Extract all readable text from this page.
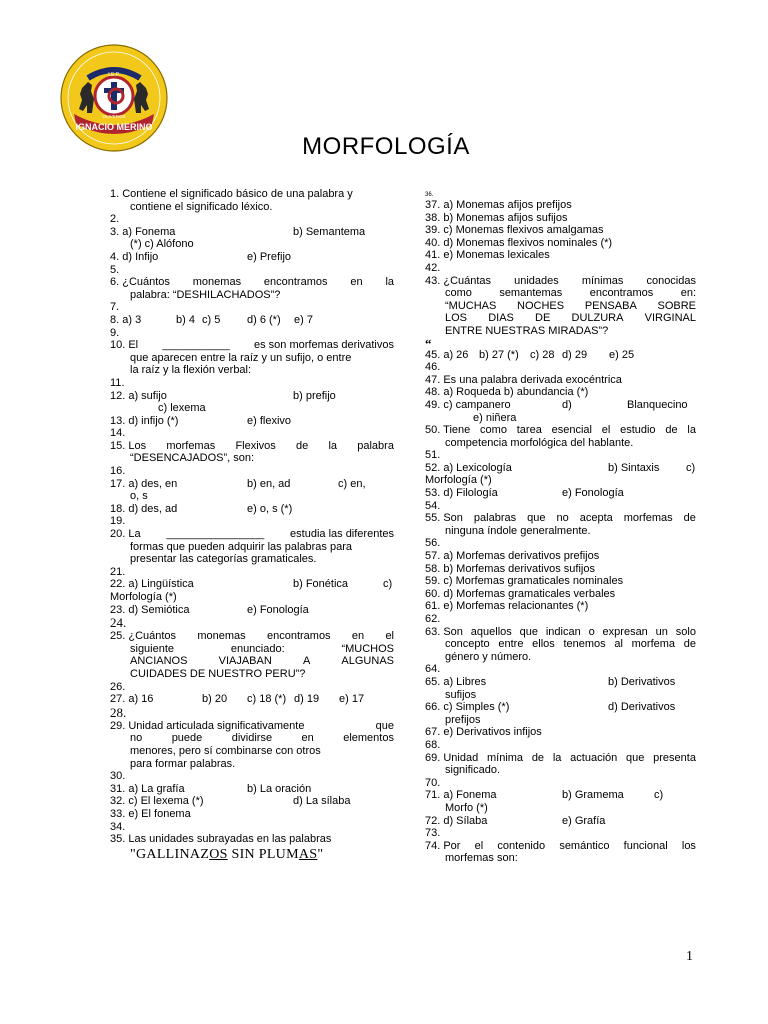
IGNACIO MERINO
I.E.P.
OLIVEROS
MORFOLOGÍA
1. Contiene el significado básico de una palabra y
contiene el significado léxico.
2.
3. a) Fonema	b) Semantema
(*) c) Alófono
4. d) Infijo	e) Prefijo
5.
6. ¿Cuántos monemas encontramos en la
palabra: “DESHILACHADOS”?
7.
8. a) 3	b) 4 c) 5 d) 6 (*) e) 7
9.
10. El ___________ es son morfemas derivativos
que aparecen entre la raíz y un sufijo, o entre
la raíz y la flexión verbal:
11.
12. a) sufijo	b) prefijo
c) lexema
13. d) infijo (*)	e) flexivo
14.
15. Los morfemas Flexivos de la palabra
“DESENCAJADOS”, son:
16.
17. a) des, en	b) en, ad	c) en,
o, s
18. d) des, ad	e) o, s (*)
19.
20. La ________________ estudia las diferentes
formas que pueden adquirir las palabras para
presentar las categorías gramaticales.
21.
22. a) Lingüística	b) Fonética	c)
Morfología (*)
23. d) Semiótica	e) Fonología
24.
25. ¿Cuántos monemas encontramos en el
siguiente	enunciado:	“MUCHOS
ANCIANOS	VIAJABAN	A	ALGUNAS
CUIDADES DE NUESTRO PERU”?
26.
27. a) 16	b) 20 c) 18 (*) d) 19 e) 17
28.
29. Unidad articulada significativamente	que
no	puede	dividirse	en	elementos
menores, pero sí combinarse con otros
para formar palabras.
30.
31. a) La grafía	b) La oración
32. c) El lexema (*)	d) La sílaba
33. e) El fonema
34.
35. Las unidades subrayadas en las palabras
"GALLINAZOS SIN PLUMAS"
36.
37. a) Monemas afijos prefijos
38. b) Monemas afijos sufijos
39. c) Monemas flexivos amalgamas
40. d) Monemas flexivos nominales (*)
41. e) Monemas lexicales
42.
43. ¿Cuántas unidades mínimas conocidas
como semantemas encontramos en:
“MUCHAS NOCHES PENSABA SOBRE
LOS DIAS DE DULZURA VIRGINAL
ENTRE NUESTRAS MIRADAS”?
“
45. a) 26 b) 27 (*) c) 28 d) 29 e) 25
46.
47. Es una palabra derivada exocéntrica
48. a) Roqueda b) abundancia (*)
49. c) campanero	d)	Blanquecino
e) niñera
50. Tiene como tarea esencial el estudio de la
competencia morfológica del hablante.
51.
52. a) Lexicología	b) Sintaxis c)
Morfología (*)
53. d) Filología	e) Fonología
54.
55. Son palabras que no acepta morfemas de
ninguna índole generalmente.
56.
57. a) Morfemas derivativos prefijos
58. b) Morfemas derivativos sufijos
59. c) Morfemas gramaticales nominales
60. d) Morfemas gramaticales verbales
61. e) Morfemas relacionantes (*)
62.
63. Son aquellos que indican o expresan un solo
concepto entre ellos tenemos al morfema de
género y número.
64.
65. a) Libres	b) Derivativos
sufijos
66. c) Simples (*)	d) Derivativos
prefijos
67. e) Derivativos infijos
68.
69. Unidad mínima de la actuación que presenta
significado.
70.
71. a) Fonema	b) Gramema	c)
Morfo (*)
72. d) Sílaba	e) Grafía
73.
74. Por el contenido semántico funcional los
morfemas son:
1
